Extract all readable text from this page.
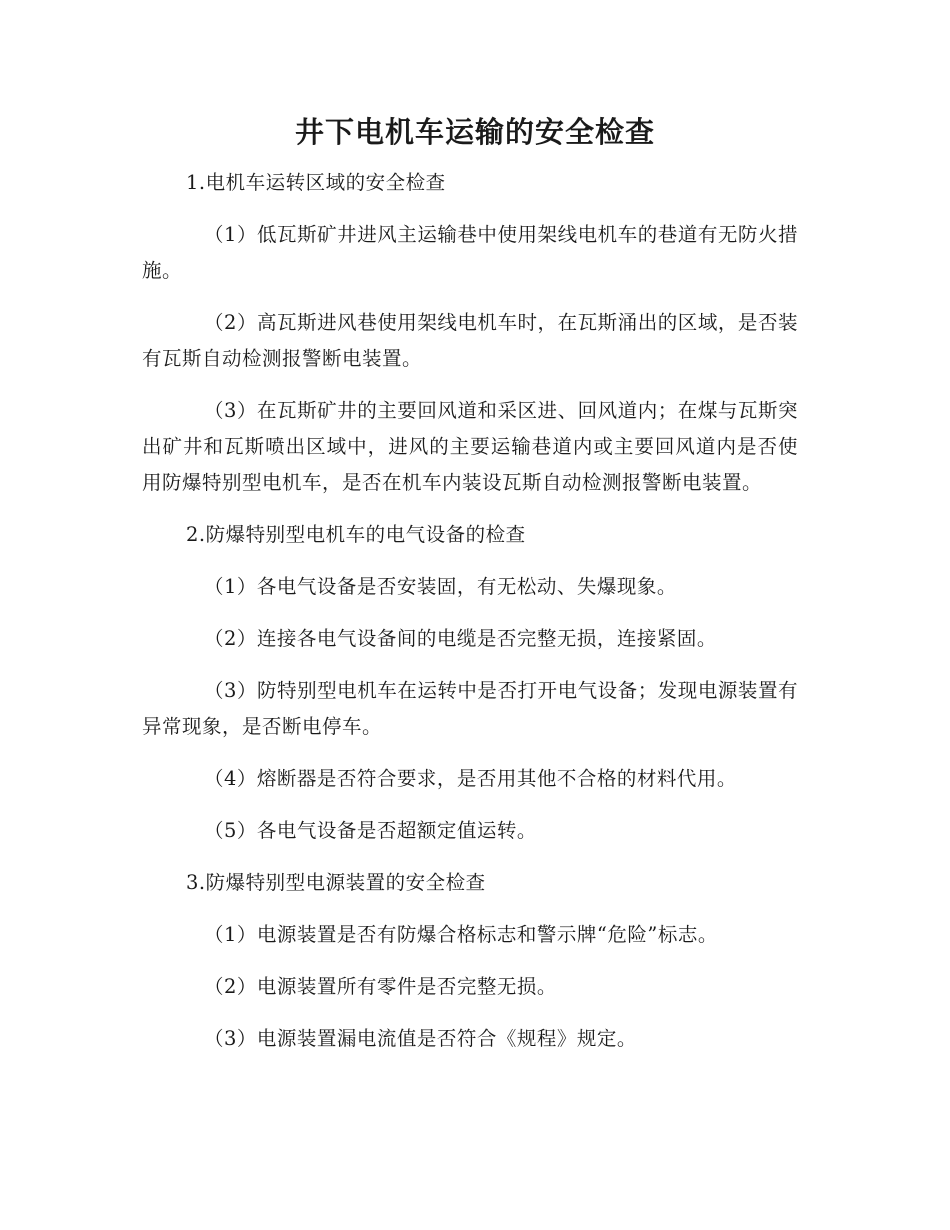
井下电机车运输的安全检查

1.电机车运转区域的安全检查

（1）低瓦斯矿井进风主运输巷中使用架线电机车的巷道有无防火措施。

（2）高瓦斯进风巷使用架线电机车时，在瓦斯涌出的区域，是否装有瓦斯自动检测报警断电装置。

（3）在瓦斯矿井的主要回风道和采区进、回风道内；在煤与瓦斯突出矿井和瓦斯喷出区域中，进风的主要运输巷道内或主要回风道内是否使用防爆特别型电机车，是否在机车内装设瓦斯自动检测报警断电装置。

2.防爆特别型电机车的电气设备的检查

（1）各电气设备是否安装固，有无松动、失爆现象。

（2）连接各电气设备间的电缆是否完整无损，连接紧固。

（3）防特别型电机车在运转中是否打开电气设备；发现电源装置有异常现象，是否断电停车。

（4）熔断器是否符合要求，是否用其他不合格的材料代用。

（5）各电气设备是否超额定值运转。

3.防爆特别型电源装置的安全检查

（1）电源装置是否有防爆合格标志和警示牌“危险”标志。

（2）电源装置所有零件是否完整无损。

（3）电源装置漏电流值是否符合《规程》规定。
